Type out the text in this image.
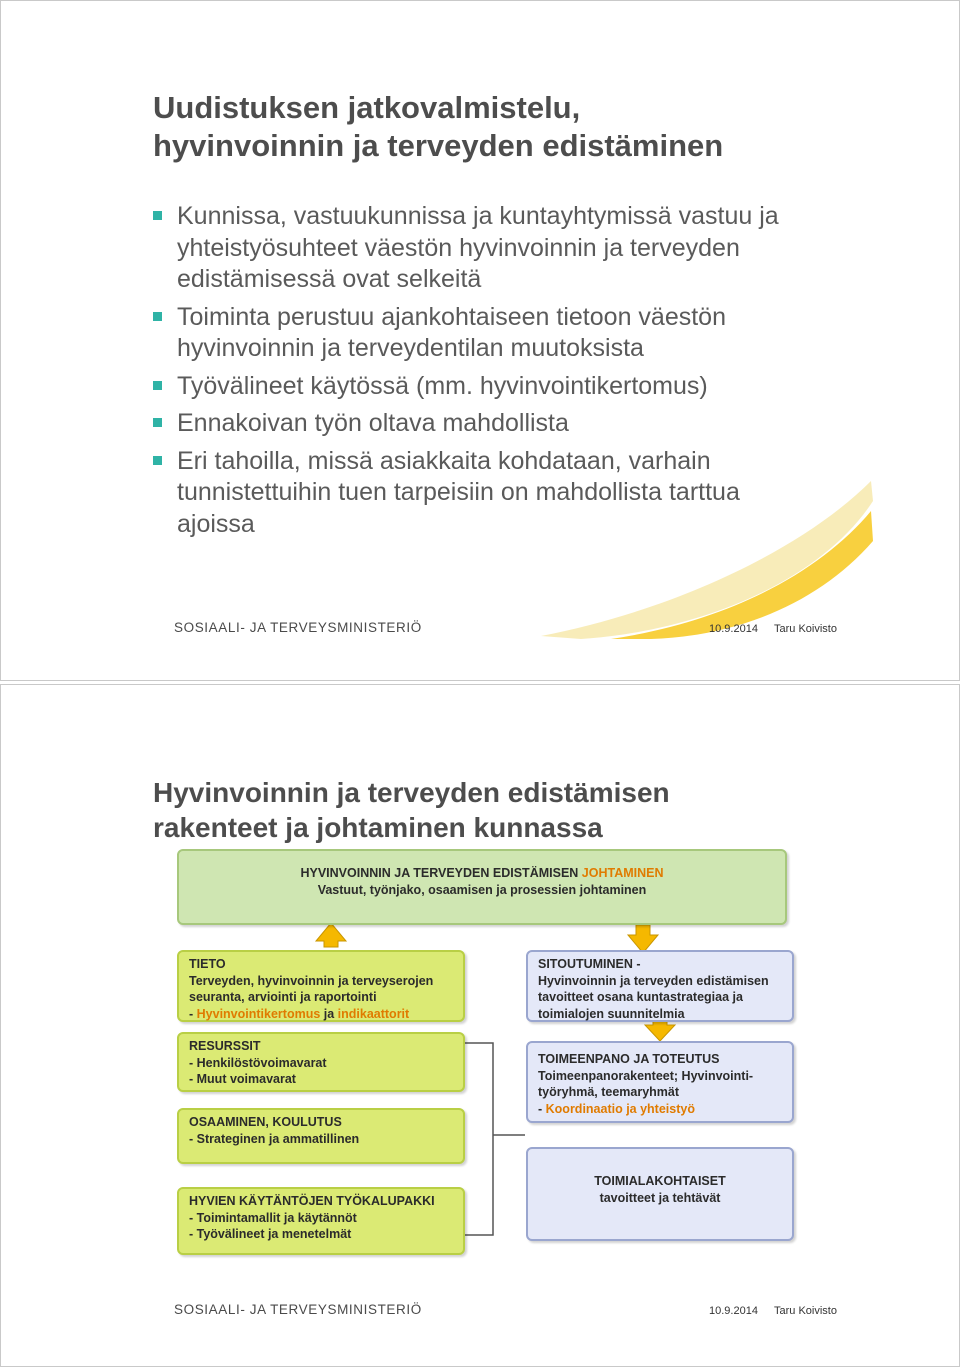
Uudistuksen jatkovalmistelu,
hyvinvoinnin ja terveyden edistäminen
Kunnissa, vastuukunnissa ja kuntayhtymissä vastuu ja yhteistyösuhteet väestön hyvinvoinnin ja terveyden edistämisessä ovat selkeitä
Toiminta perustuu ajankohtaiseen tietoon väestön hyvinvoinnin ja terveydentilan muutoksista
Työvälineet käytössä (mm. hyvinvointikertomus)
Ennakoivan työn oltava mahdollista
Eri tahoilla, missä asiakkaita kohdataan, varhain tunnistettuihin tuen tarpeisiin on mahdollista tarttua ajoissa
SOSIAALI- JA TERVEYSMINISTERIÖ	10.9.2014 Taru Koivisto
Hyvinvoinnin ja terveyden edistämisen
rakenteet ja johtaminen kunnassa
HYVINVOINNIN JA TERVEYDEN EDISTÄMISEN JOHTAMINEN
Vastuut, työnjako, osaamisen ja prosessien johtaminen
TIETO
Terveyden, hyvinvoinnin ja terveyserojen
seuranta, arviointi ja raportointi
- Hyvinvointikertomus ja indikaattorit
RESURSSIT
- Henkilöstövoimavarat
- Muut voimavarat
OSAAMINEN, KOULUTUS
- Strateginen ja ammatillinen
HYVIEN KÄYTÄNTÖJEN TYÖKALUPAKKI
- Toimintamallit ja käytännöt
- Työvälineet ja menetelmät
SITOUTUMINEN -
Hyvinvoinnin ja terveyden edistämisen
tavoitteet osana kuntastrategiaa ja
toimialojen suunnitelmia
TOIMEENPANO JA TOTEUTUS
Toimeenpanorakenteet; Hyvinvointi-
työryhmä, teemaryhmät
- Koordinaatio ja yhteistyö
TOIMIALAKOHTAISET
tavoitteet ja tehtävät
SOSIAALI- JA TERVEYSMINISTERIÖ	10.9.2014 Taru Koivisto
